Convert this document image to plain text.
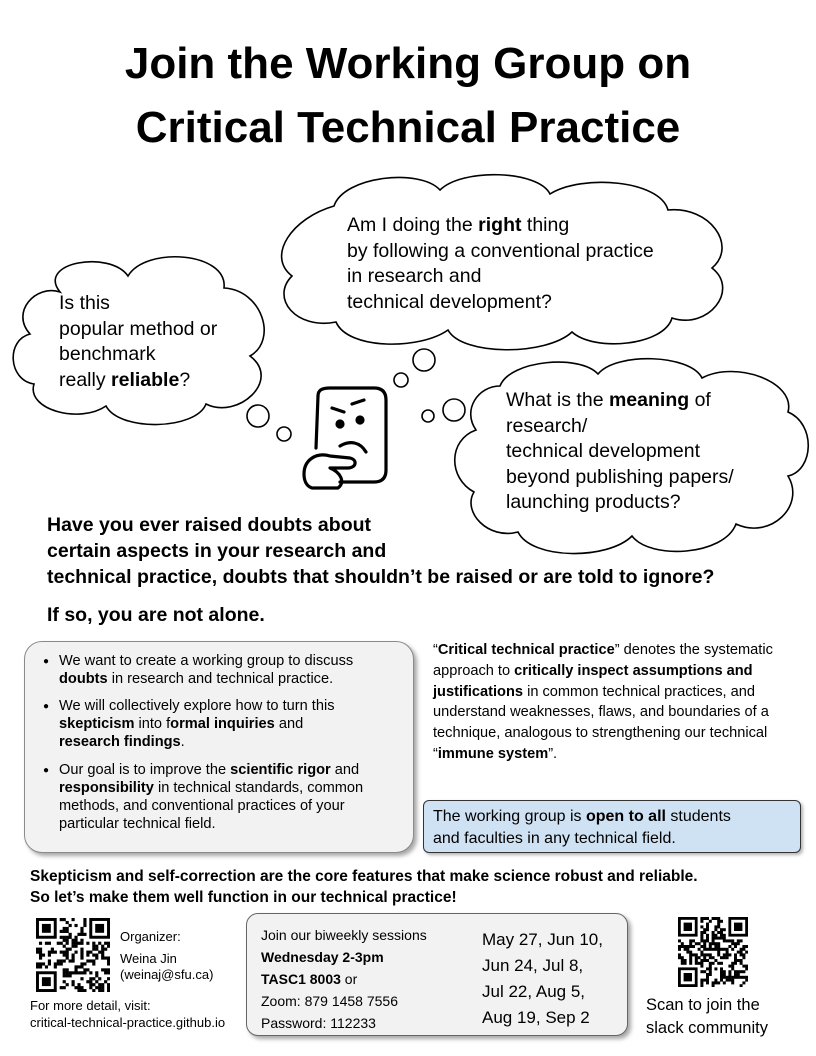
Join the Working Group on
Critical Technical Practice
Is this
popular method or
benchmark
really reliable?
Am I doing the right thing
by following a conventional practice
in research and
technical development?
What is the meaning of
research/
technical development
beyond publishing papers/
launching products?
Have you ever raised doubts about
certain aspects in your research and
technical practice, doubts that shouldn’t be raised or are told to ignore?
If so, you are not alone.
● We want to create a working group to discuss
doubts in research and technical practice.
● We will collectively explore how to turn this
skepticism into formal inquiries and
research findings.
● Our goal is to improve the scientific rigor and
responsibility in technical standards, common
methods, and conventional practices of your
particular technical field.
“Critical technical practice” denotes the systematic approach to critically inspect assumptions and justifications in common technical practices, and understand weaknesses, flaws, and boundaries of a technique, analogous to strengthening our technical “immune system”.
The working group is open to all students
and faculties in any technical field.
Skepticism and self-correction are the core features that make science robust and reliable.
So let’s make them well function in our technical practice!
Organizer:
Weina Jin
(weinaj@sfu.ca)
For more detail, visit:
critical-technical-practice.github.io
Join our biweekly sessions
Wednesday 2-3pm
TASC1 8003 or
Zoom: 879 1458 7556
Password: 112233
May 27, Jun 10,
Jun 24, Jul 8,
Jul 22, Aug 5,
Aug 19, Sep 2
Scan to join the
slack community
